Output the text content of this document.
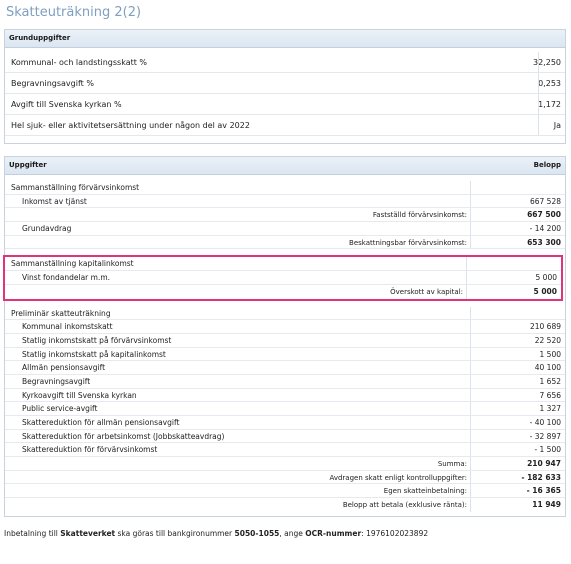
Skatteuträkning 2(2)
Grunduppgifter
Kommunal- och landstingsskatt %	32,250
Begravningsavgift %	0,253
Avgift till Svenska kyrkan %	1,172
Hel sjuk- eller aktivitetsersättning under någon del av 2022	Ja
Uppgifter	Belopp
Sammanställning förvärvsinkomst
Inkomst av tjänst	667 528
Fastställd förvärvsinkomst:	667 500
Grundavdrag	- 14 200
Beskattningsbar förvärvsinkomst:	653 300
Sammanställning kapitalinkomst
Vinst fondandelar m.m.	5 000
Överskott av kapital:	5 000
Preliminär skatteuträkning
Kommunal inkomstskatt	210 689
Statlig inkomstskatt på förvärvsinkomst	22 520
Statlig inkomstskatt på kapitalinkomst	1 500
Allmän pensionsavgift	40 100
Begravningsavgift	1 652
Kyrkoavgift till Svenska kyrkan	7 656
Public service-avgift	1 327
Skattereduktion för allmän pensionsavgift	- 40 100
Skattereduktion för arbetsinkomst (Jobbskatteavdrag)	- 32 897
Skattereduktion för förvärvsinkomst	- 1 500
Summa:	210 947
Avdragen skatt enligt kontrolluppgifter:	- 182 633
Egen skatteinbetalning:	- 16 365
Belopp att betala (exklusive ränta):	11 949
Inbetalning till Skatteverket ska göras till bankgironummer 5050-1055, ange OCR-nummer: 1976102023892
